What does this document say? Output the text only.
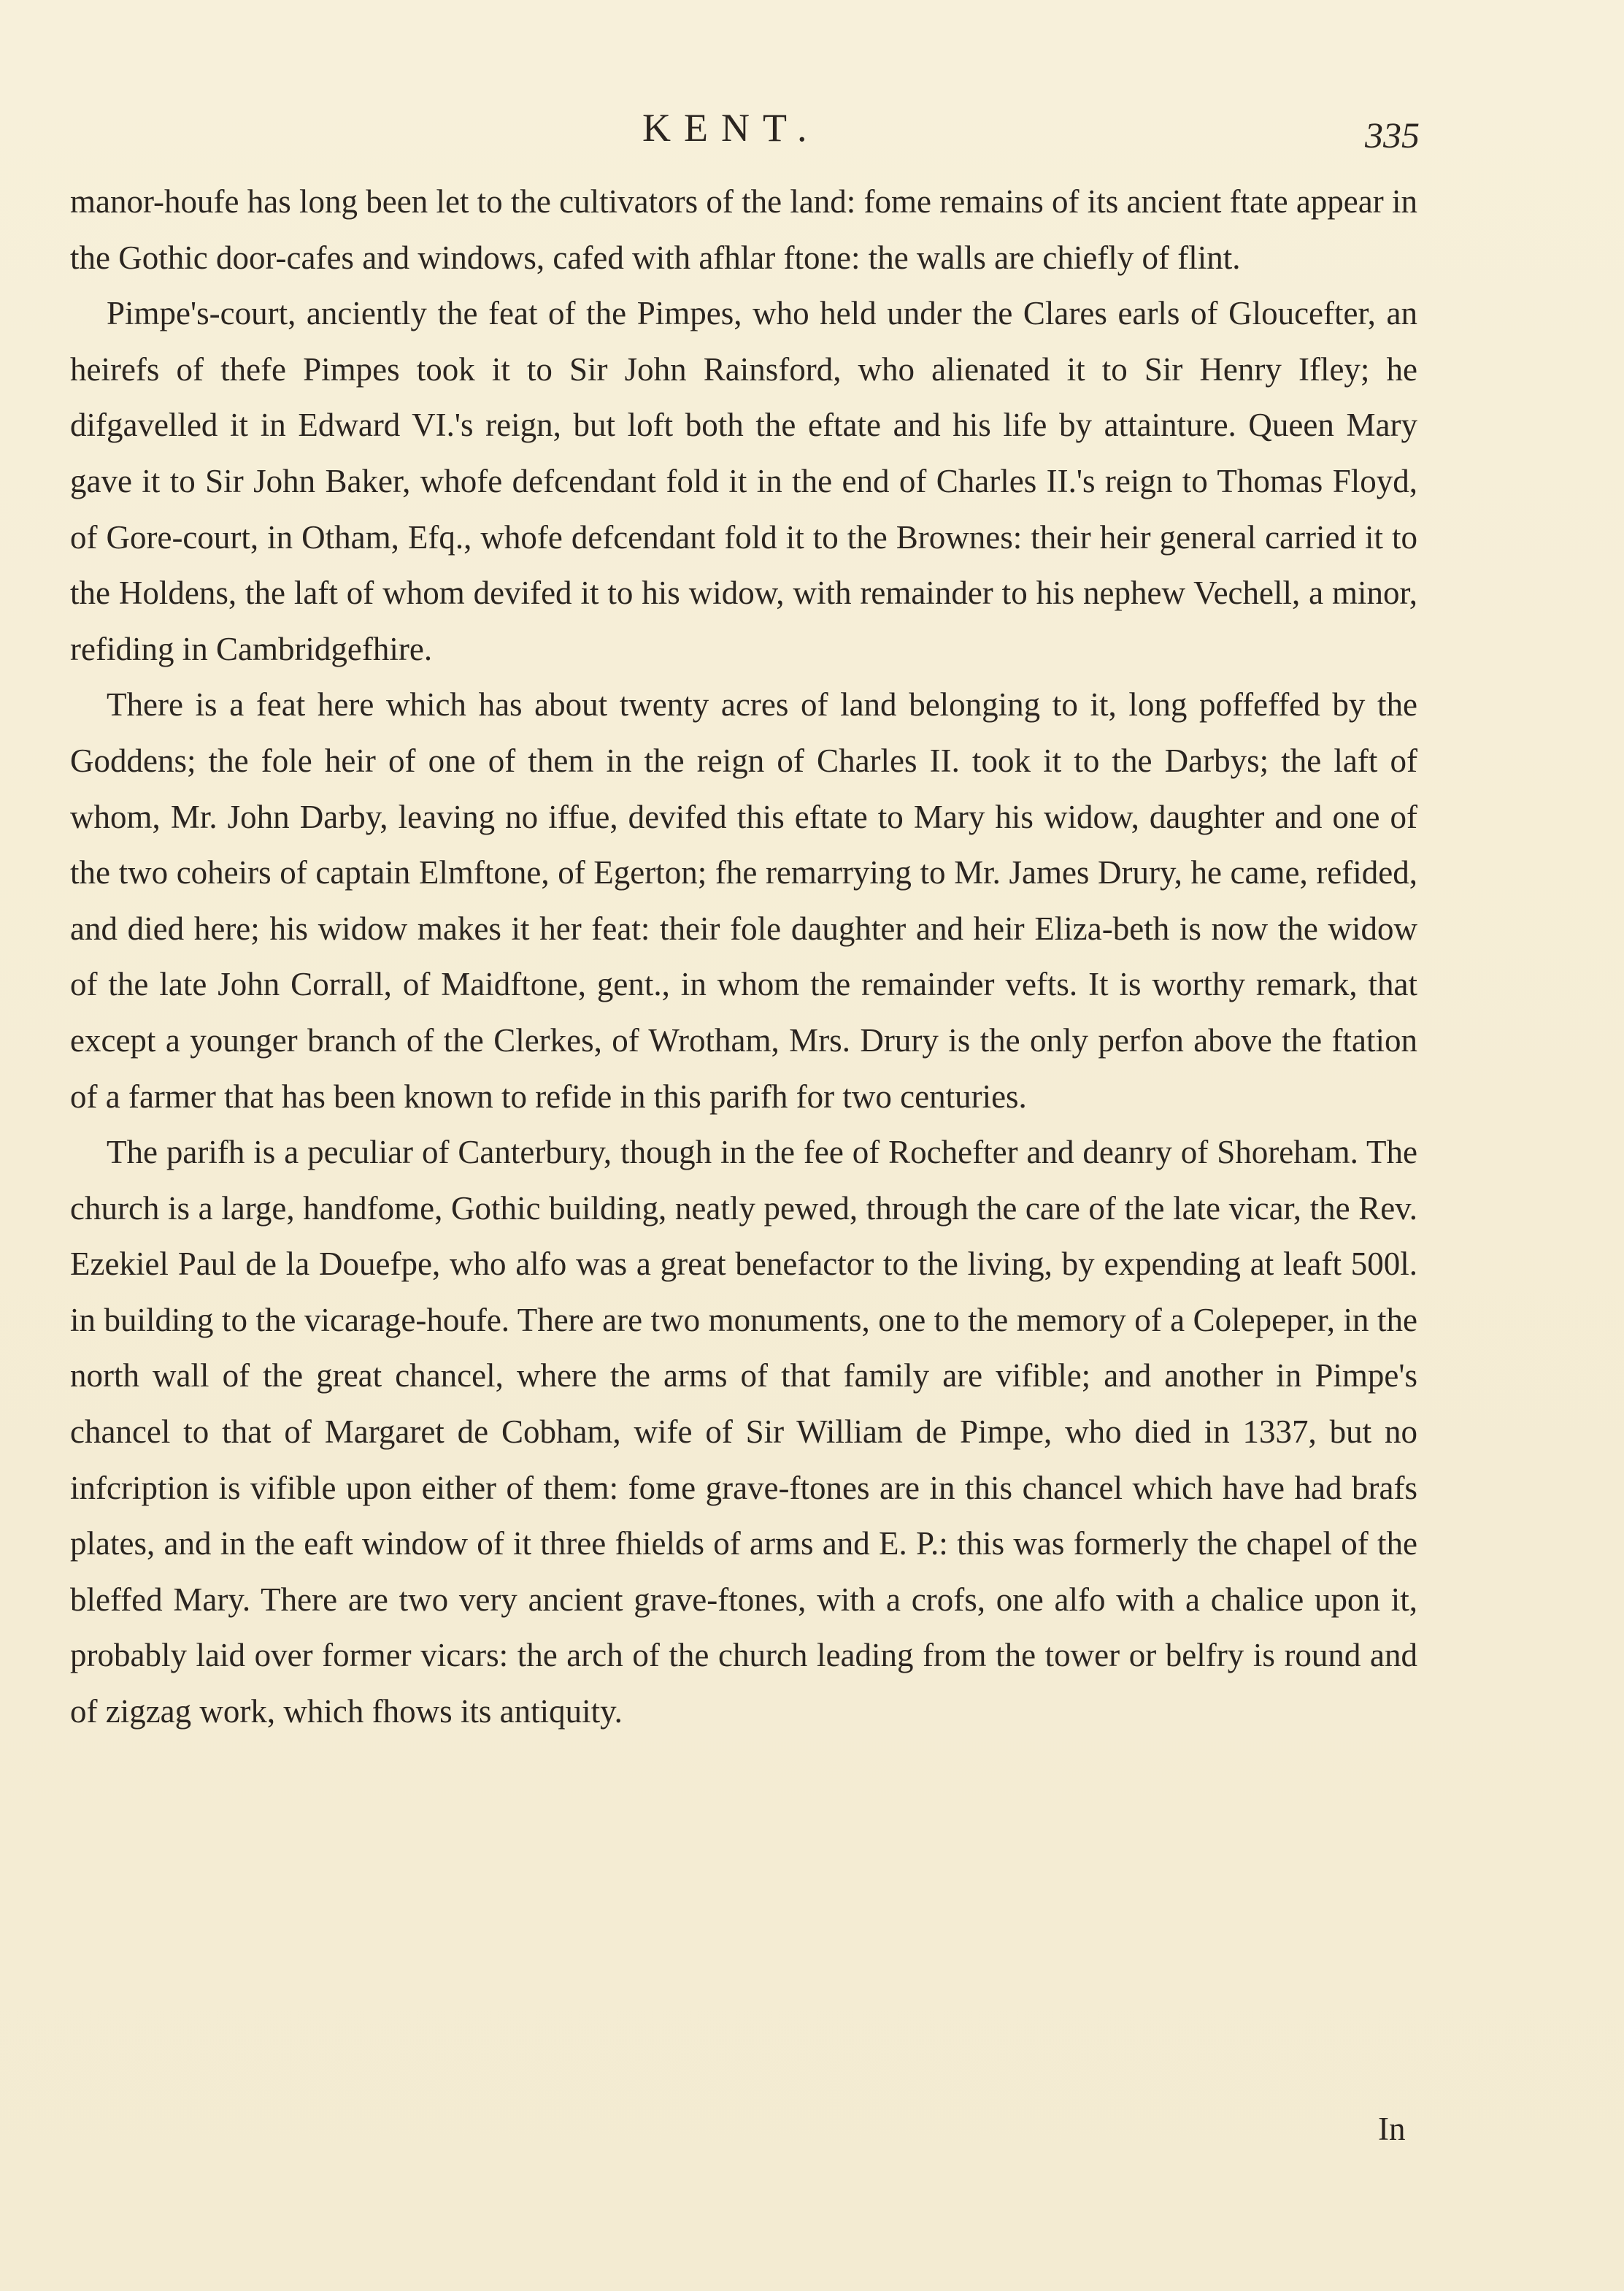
KENT.	335

manor-houfe has long been let to the cultivators of the land: fome remains of its ancient ftate appear in the Gothic door-cafes and windows, cafed with afhlar ftone: the walls are chiefly of flint.

Pimpe's-court, anciently the feat of the Pimpes, who held under the Clares earls of Gloucefter, an heirefs of thefe Pimpes took it to Sir John Rainsford, who alienated it to Sir Henry Ifley; he difgavelled it in Edward VI.'s reign, but loft both the eftate and his life by attainture. Queen Mary gave it to Sir John Baker, whofe defcendant fold it in the end of Charles II.'s reign to Thomas Floyd, of Gore-court, in Otham, Efq., whofe defcendant fold it to the Brownes: their heir general carried it to the Holdens, the laft of whom devifed it to his widow, with remainder to his nephew Vechell, a minor, refiding in Cambridgefhire.

There is a feat here which has about twenty acres of land belonging to it, long poffeffed by the Goddens; the fole heir of one of them in the reign of Charles II. took it to the Darbys; the laft of whom, Mr. John Darby, leaving no iffue, devifed this eftate to Mary his widow, daughter and one of the two coheirs of captain Elmftone, of Egerton; fhe remarrying to Mr. James Drury, he came, refided, and died here; his widow makes it her feat: their fole daughter and heir Eliza-beth is now the widow of the late John Corrall, of Maidftone, gent., in whom the remainder vefts. It is worthy remark, that except a younger branch of the Clerkes, of Wrotham, Mrs. Drury is the only perfon above the ftation of a farmer that has been known to refide in this parifh for two centuries.

The parifh is a peculiar of Canterbury, though in the fee of Rochefter and deanry of Shoreham. The church is a large, handfome, Gothic building, neatly pewed, through the care of the late vicar, the Rev. Ezekiel Paul de la Douefpe, who alfo was a great benefactor to the living, by expending at leaft 500l. in building to the vicarage-houfe. There are two monuments, one to the memory of a Colepeper, in the north wall of the great chancel, where the arms of that family are vifible; and another in Pimpe's chancel to that of Margaret de Cobham, wife of Sir William de Pimpe, who died in 1337, but no infcription is vifible upon either of them: fome grave-ftones are in this chancel which have had brafs plates, and in the eaft window of it three fhields of arms and E. P.: this was formerly the chapel of the bleffed Mary. There are two very ancient grave-ftones, with a crofs, one alfo with a chalice upon it, probably laid over former vicars: the arch of the church leading from the tower or belfry is round and of zigzag work, which fhows its antiquity.

In
